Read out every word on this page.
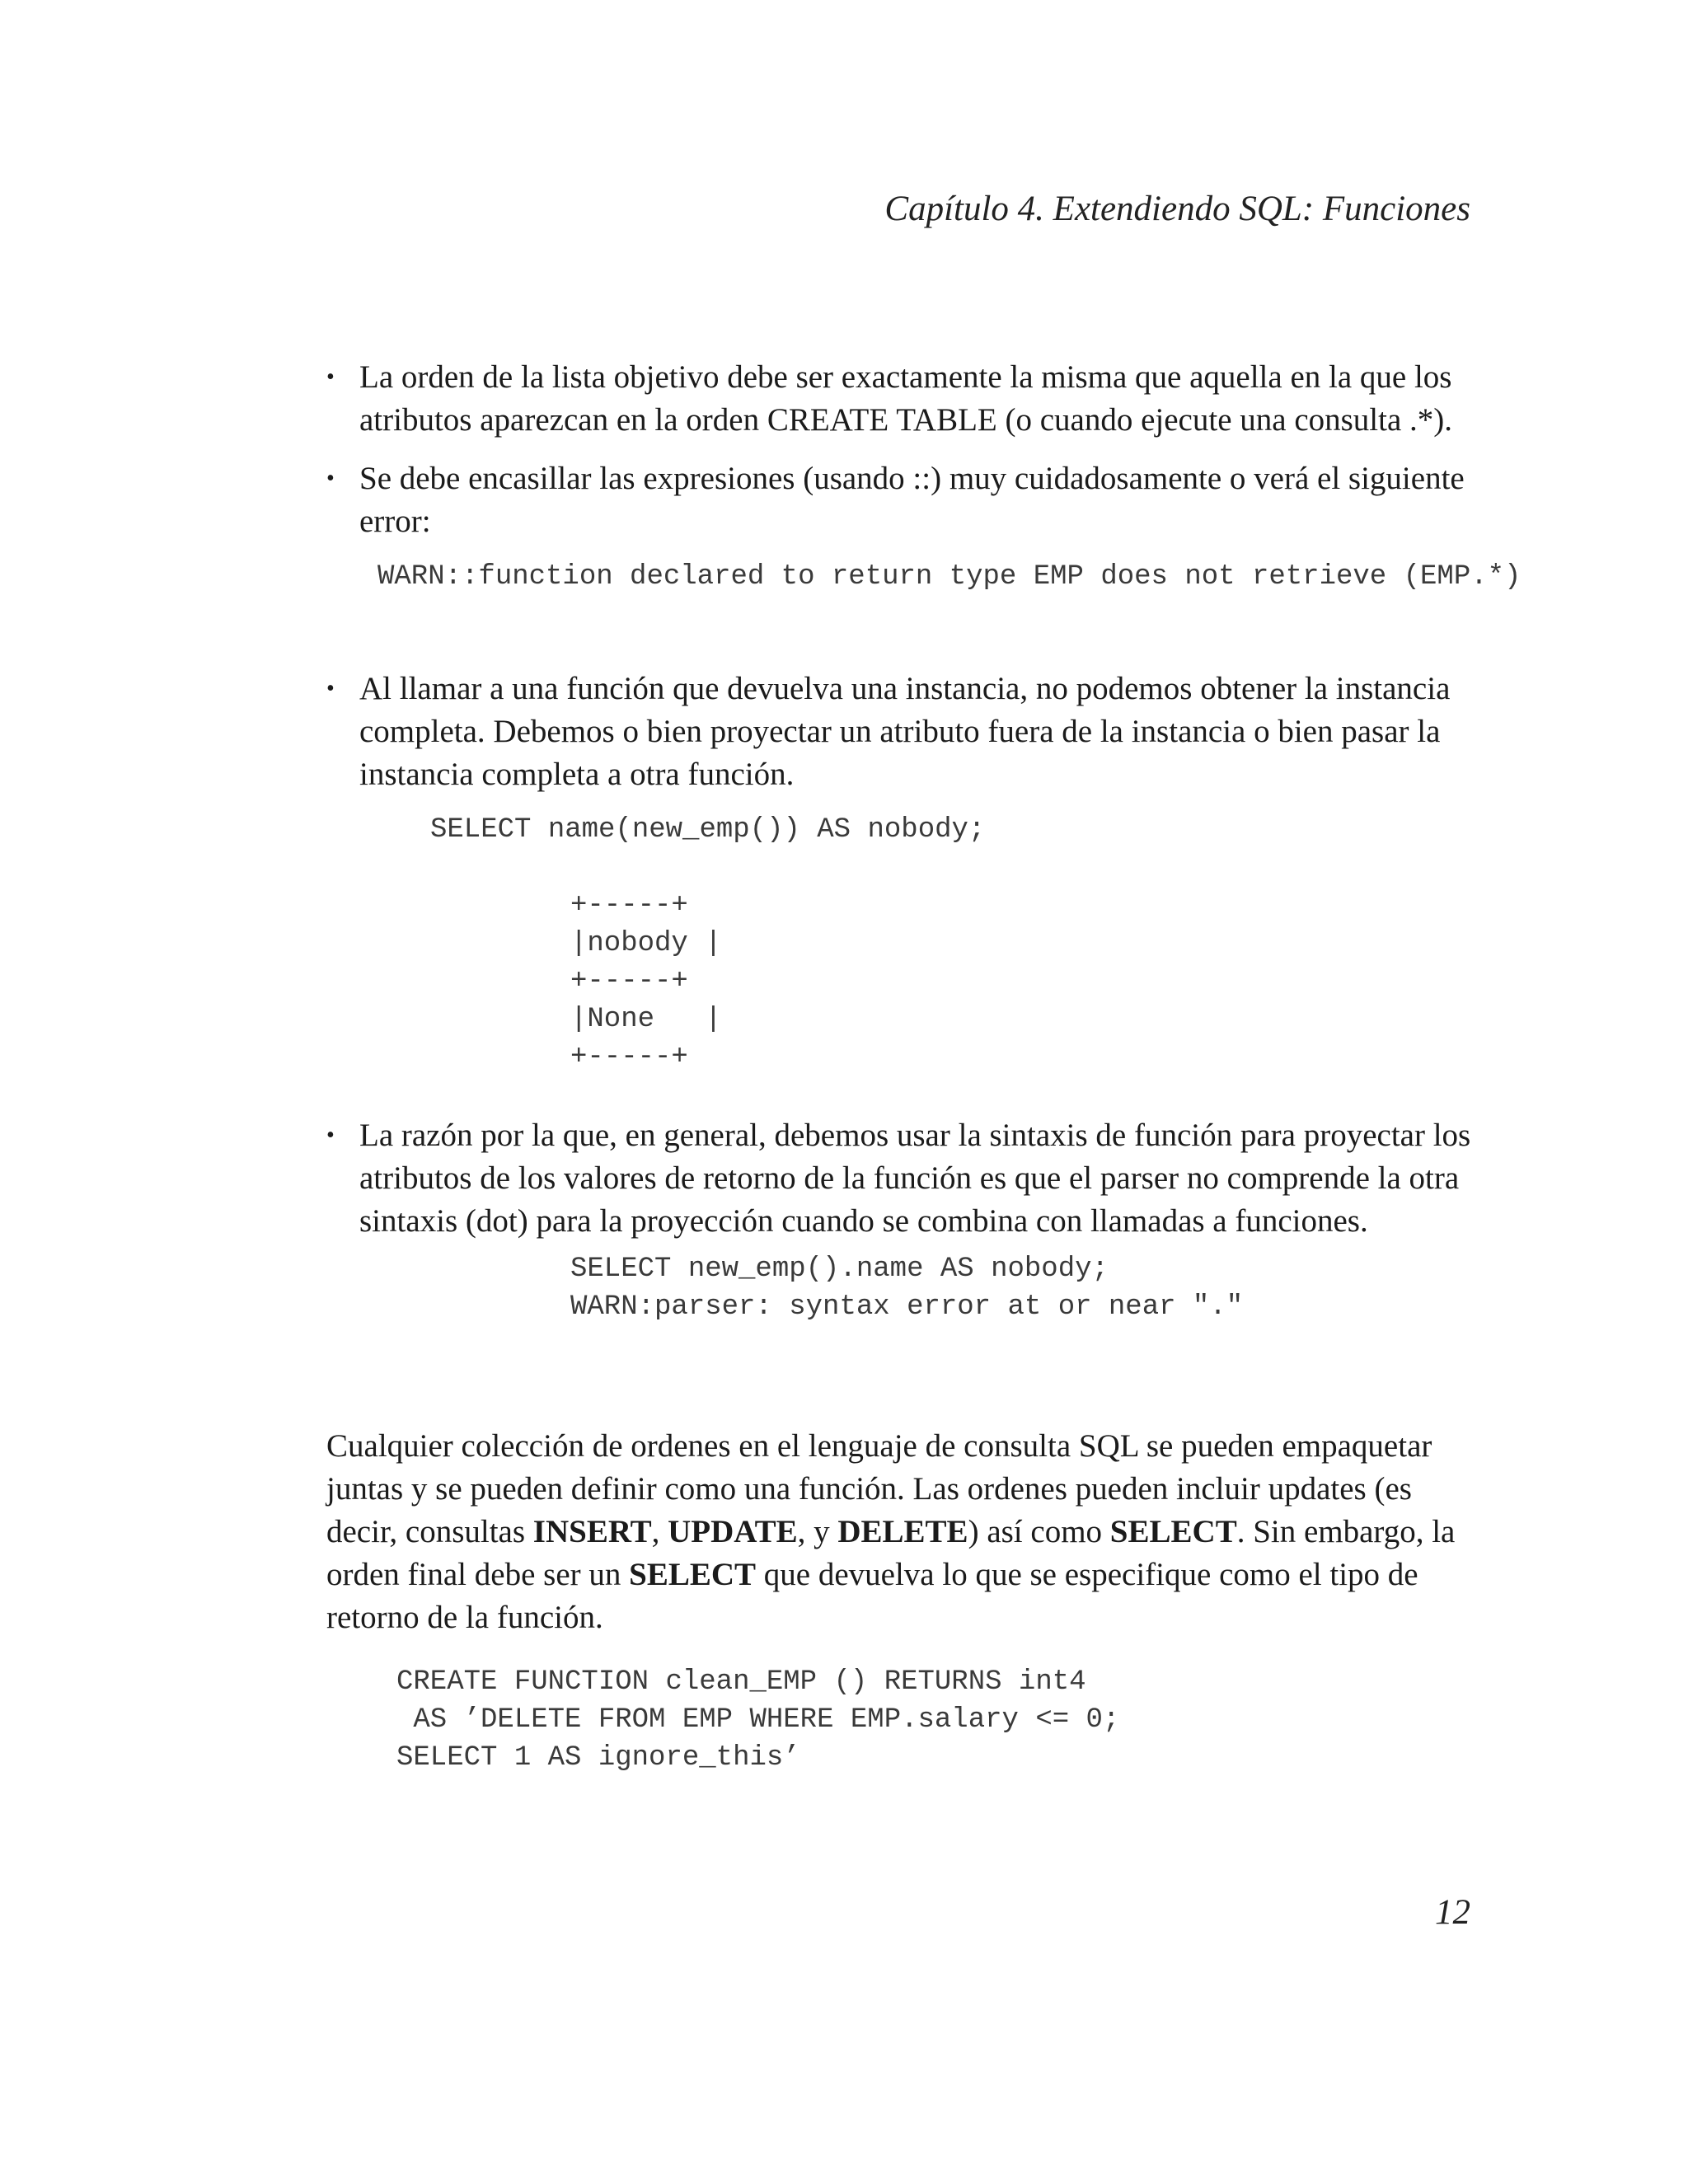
Capítulo 4. Extendiendo SQL: Funciones
• La orden de la lista objetivo debe ser exactamente la misma que aquella en la que los atributos aparezcan en la orden CREATE TABLE (o cuando ejecute una consulta .*).
• Se debe encasillar las expresiones (usando ::) muy cuidadosamente o verá el siguiente error:
WARN::function declared to return type EMP does not retrieve (EMP.*)
• Al llamar a una función que devuelva una instancia, no podemos obtener la instancia completa. Debemos o bien proyectar un atributo fuera de la instancia o bien pasar la instancia completa a otra función.
SELECT name(new_emp()) AS nobody;
+-----+
|nobody |
+-----+
|None   |
+-----+
• La razón por la que, en general, debemos usar la sintaxis de función para proyectar los atributos de los valores de retorno de la función es que el parser no comprende la otra sintaxis (dot) para la proyección cuando se combina con llamadas a funciones.
SELECT new_emp().name AS nobody;
WARN:parser: syntax error at or near "."
Cualquier colección de ordenes en el lenguaje de consulta SQL se pueden empaquetar juntas y se pueden definir como una función. Las ordenes pueden incluir updates (es decir, consultas INSERT, UPDATE, y DELETE) así como SELECT. Sin embargo, la orden final debe ser un SELECT que devuelva lo que se especifique como el tipo de retorno de la función.
CREATE FUNCTION clean_EMP () RETURNS int4
AS ’DELETE FROM EMP WHERE EMP.salary <= 0;
SELECT 1 AS ignore_this’
12
